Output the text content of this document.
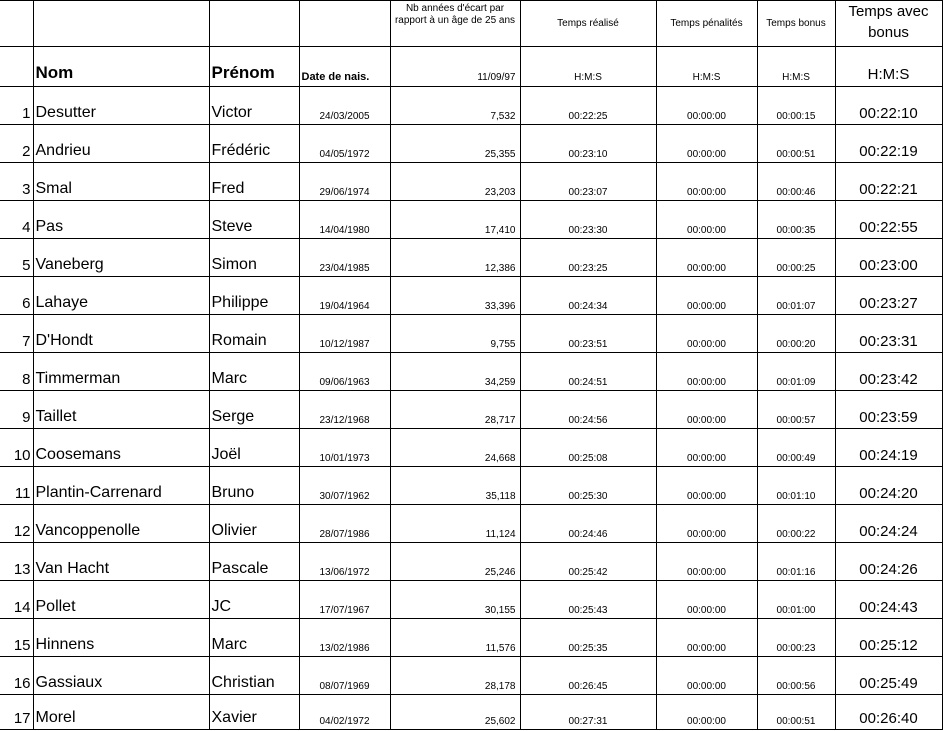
				Nb années d'écart par rapport à un âge de 25 ans	Temps réalisé	Temps pénalités	Temps bonus	Temps avec bonus
	Nom	Prénom	Date de nais.	11/09/97	H:M:S	H:M:S	H:M:S	H:M:S
1	Desutter	Victor	24/03/2005	7,532	00:22:25	00:00:00	00:00:15	00:22:10
2	Andrieu	Frédéric	04/05/1972	25,355	00:23:10	00:00:00	00:00:51	00:22:19
3	Smal	Fred	29/06/1974	23,203	00:23:07	00:00:00	00:00:46	00:22:21
4	Pas	Steve	14/04/1980	17,410	00:23:30	00:00:00	00:00:35	00:22:55
5	Vaneberg	Simon	23/04/1985	12,386	00:23:25	00:00:00	00:00:25	00:23:00
6	Lahaye	Philippe	19/04/1964	33,396	00:24:34	00:00:00	00:01:07	00:23:27
7	D'Hondt	Romain	10/12/1987	9,755	00:23:51	00:00:00	00:00:20	00:23:31
8	Timmerman	Marc	09/06/1963	34,259	00:24:51	00:00:00	00:01:09	00:23:42
9	Taillet	Serge	23/12/1968	28,717	00:24:56	00:00:00	00:00:57	00:23:59
10	Coosemans	Joël	10/01/1973	24,668	00:25:08	00:00:00	00:00:49	00:24:19
11	Plantin-Carrenard	Bruno	30/07/1962	35,118	00:25:30	00:00:00	00:01:10	00:24:20
12	Vancoppenolle	Olivier	28/07/1986	11,124	00:24:46	00:00:00	00:00:22	00:24:24
13	Van Hacht	Pascale	13/06/1972	25,246	00:25:42	00:00:00	00:01:16	00:24:26
14	Pollet	JC	17/07/1967	30,155	00:25:43	00:00:00	00:01:00	00:24:43
15	Hinnens	Marc	13/02/1986	11,576	00:25:35	00:00:00	00:00:23	00:25:12
16	Gassiaux	Christian	08/07/1969	28,178	00:26:45	00:00:00	00:00:56	00:25:49
17	Morel	Xavier	04/02/1972	25,602	00:27:31	00:00:00	00:00:51	00:26:40
